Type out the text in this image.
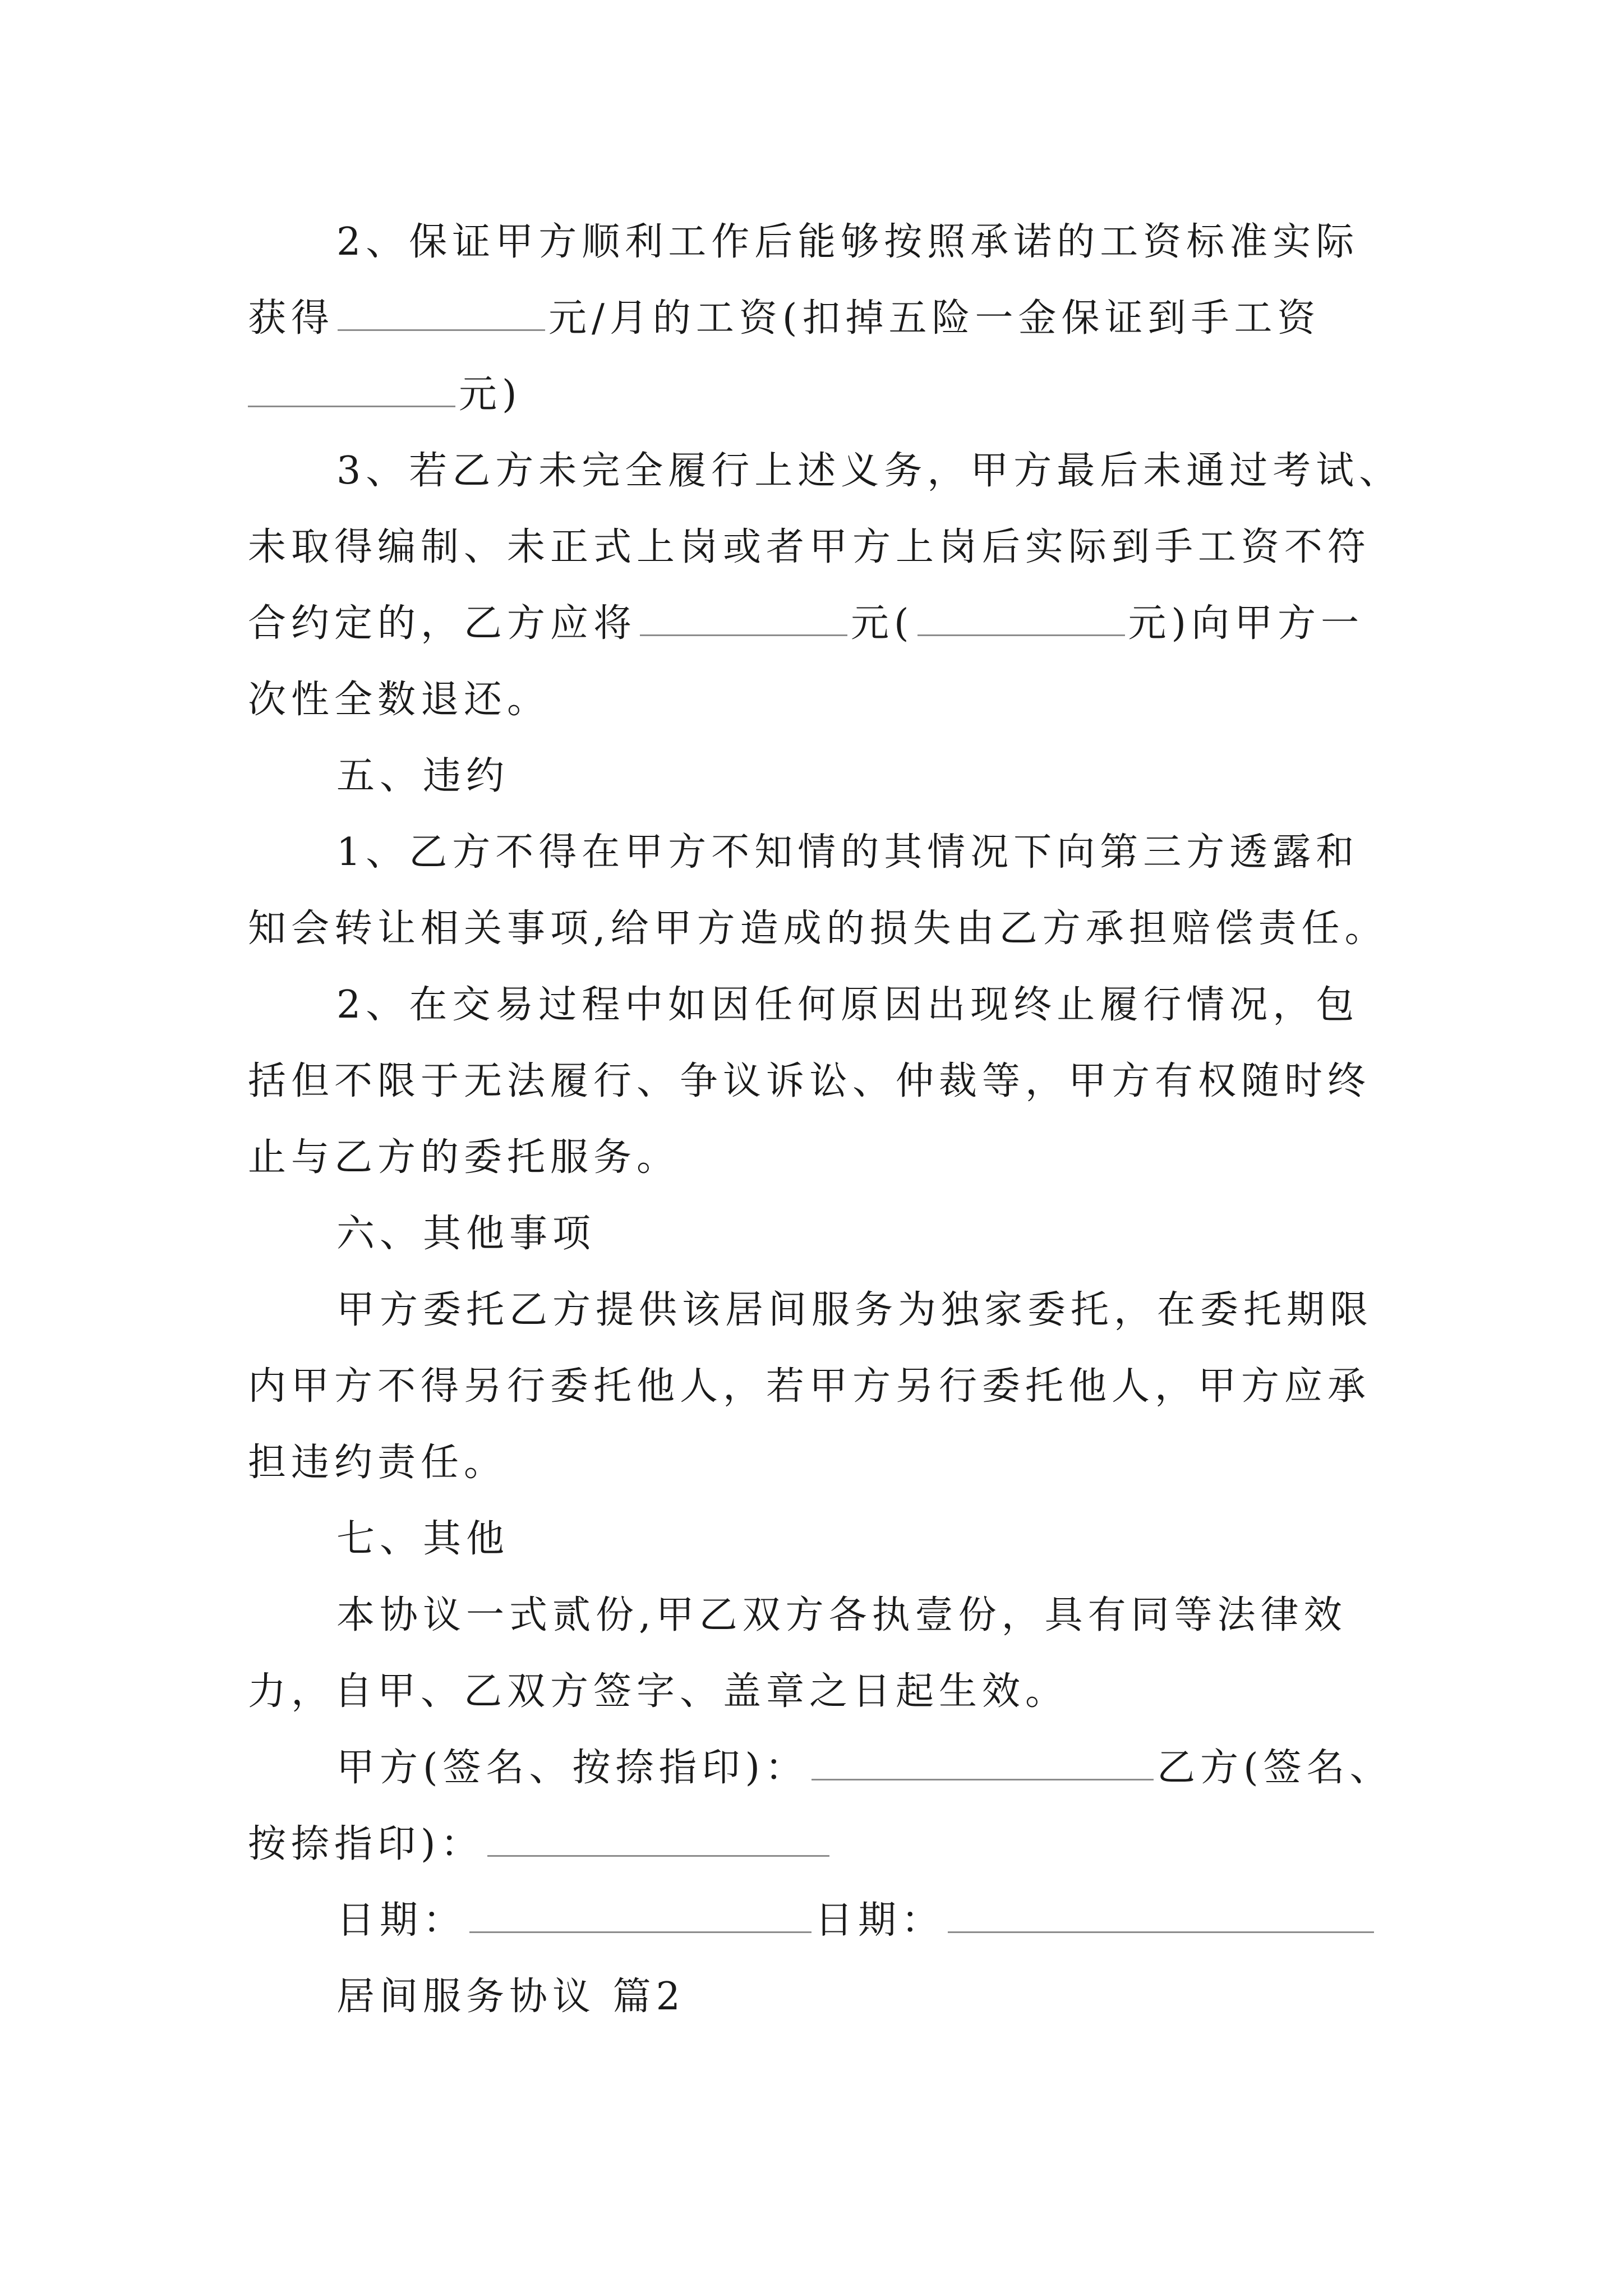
2、保证甲方顺利工作后能够按照承诺的工资标准实际
获得	元/月的工资(扣掉五险一金保证到手工资
元)
3、若乙方未完全履行上述义务，甲方最后未通过考试、
未取得编制、未正式上岗或者甲方上岗后实际到手工资不符
合约定的，乙方应将	元(	元)向甲方一
次性全数退还。
五、违约
1、乙方不得在甲方不知情的其情况下向第三方透露和
知会转让相关事项,给甲方造成的损失由乙方承担赔偿责任。
2、在交易过程中如因任何原因出现终止履行情况，包
括但不限于无法履行、争议诉讼、仲裁等，甲方有权随时终
止与乙方的委托服务。
六、其他事项
甲方委托乙方提供该居间服务为独家委托，在委托期限
内甲方不得另行委托他人，若甲方另行委托他人，甲方应承
担违约责任。
七、其他
本协议一式贰份,甲乙双方各执壹份，具有同等法律效
力，自甲、乙双方签字、盖章之日起生效。
甲方(签名、按捺指印)：	乙方(签名、
按捺指印)：
日期：	日期：
居间服务协议 篇2
